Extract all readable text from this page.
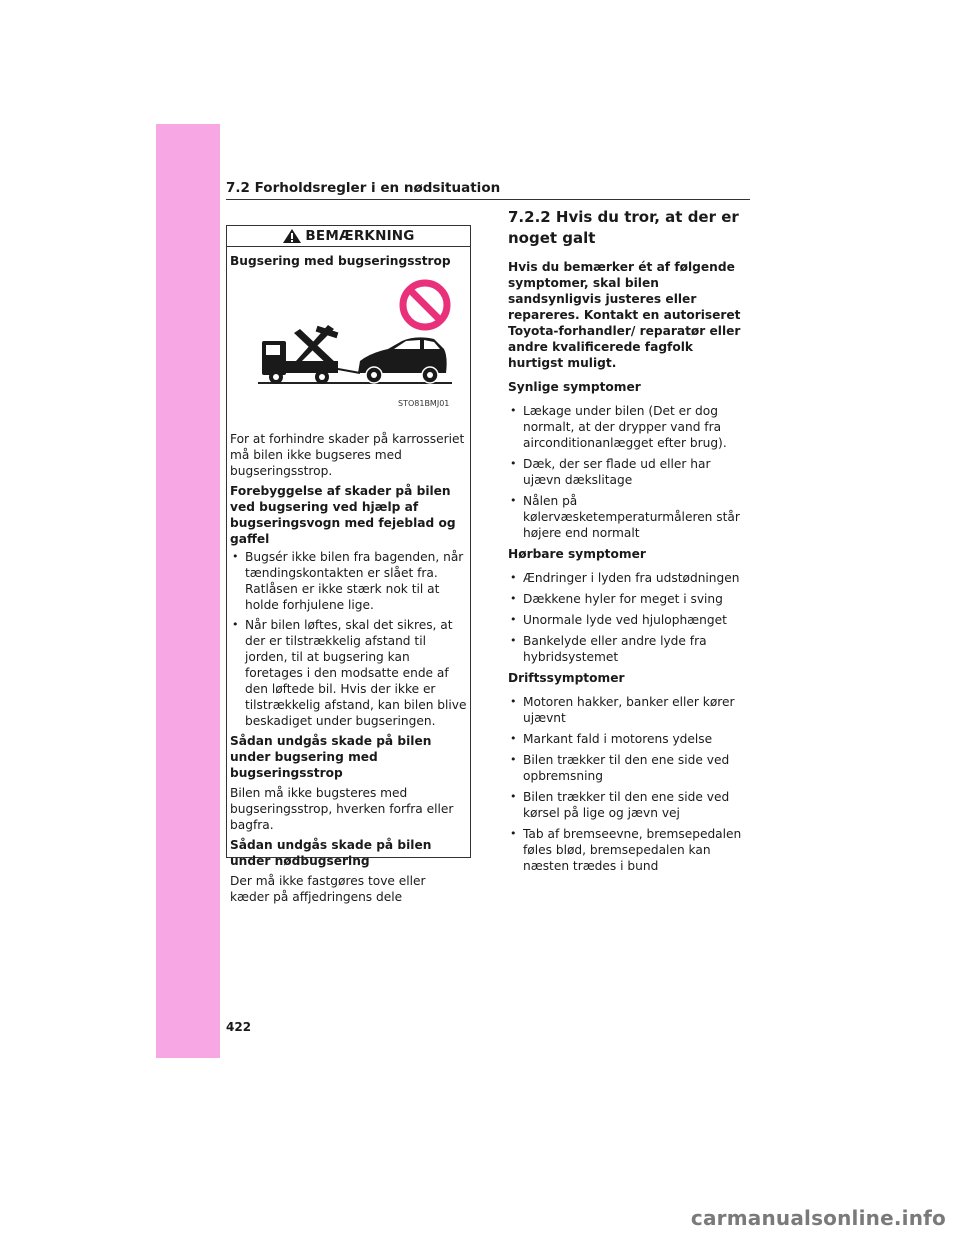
7.2 Forholdsregler i en nødsituation
BEMÆRKNING

Bugsering med bugseringsstrop

STO81BMJ01

For at forhindre skader på karrosseriet må bilen ikke bugseres med bugseringsstrop.

Forebyggelse af skader på bilen ved bugsering ved hjælp af bugseringsvogn med fejeblad og gaffel

• Bugsér ikke bilen fra bagenden, når tændingskontakten er slået fra. Ratlåsen er ikke stærk nok til at holde forhjulene lige.
• Når bilen løftes, skal det sikres, at der er tilstrækkelig afstand til jorden, til at bugsering kan foretages i den modsatte ende af den løftede bil. Hvis der ikke er tilstrækkelig afstand, kan bilen blive beskadiget under bugseringen.

Sådan undgås skade på bilen under bugsering med bugseringsstrop

Bilen må ikke bugsteres med bugseringsstrop, hverken forfra eller bagfra.

Sådan undgås skade på bilen under nødbugsering

Der må ikke fastgøres tove eller kæder på affjedringens dele

7.2.2 Hvis du tror, at der er noget galt

Hvis du bemærker ét af følgende symptomer, skal bilen sandsynligvis justeres eller repareres. Kontakt en autoriseret Toyota-forhandler/ reparatør eller andre kvalificerede fagfolk hurtigst muligt.

Synlige symptomer

• Lækage under bilen (Det er dog normalt, at der drypper vand fra airconditionanlægget efter brug).
• Dæk, der ser flade ud eller har ujævn dækslitage
• Nålen på kølervæsketemperaturmåleren står højere end normalt

Hørbare symptomer

• Ændringer i lyden fra udstødningen
• Dækkene hyler for meget i sving
• Unormale lyde ved hjulophænget
• Bankelyde eller andre lyde fra hybridsystemet

Driftssymptomer

• Motoren hakker, banker eller kører ujævnt
• Markant fald i motorens ydelse
• Bilen trækker til den ene side ved opbremsning
• Bilen trækker til den ene side ved kørsel på lige og jævn vej
• Tab af bremseevne, bremsepedalen føles blød, bremsepedalen kan næsten trædes i bund
422
carmanualsonline.info
